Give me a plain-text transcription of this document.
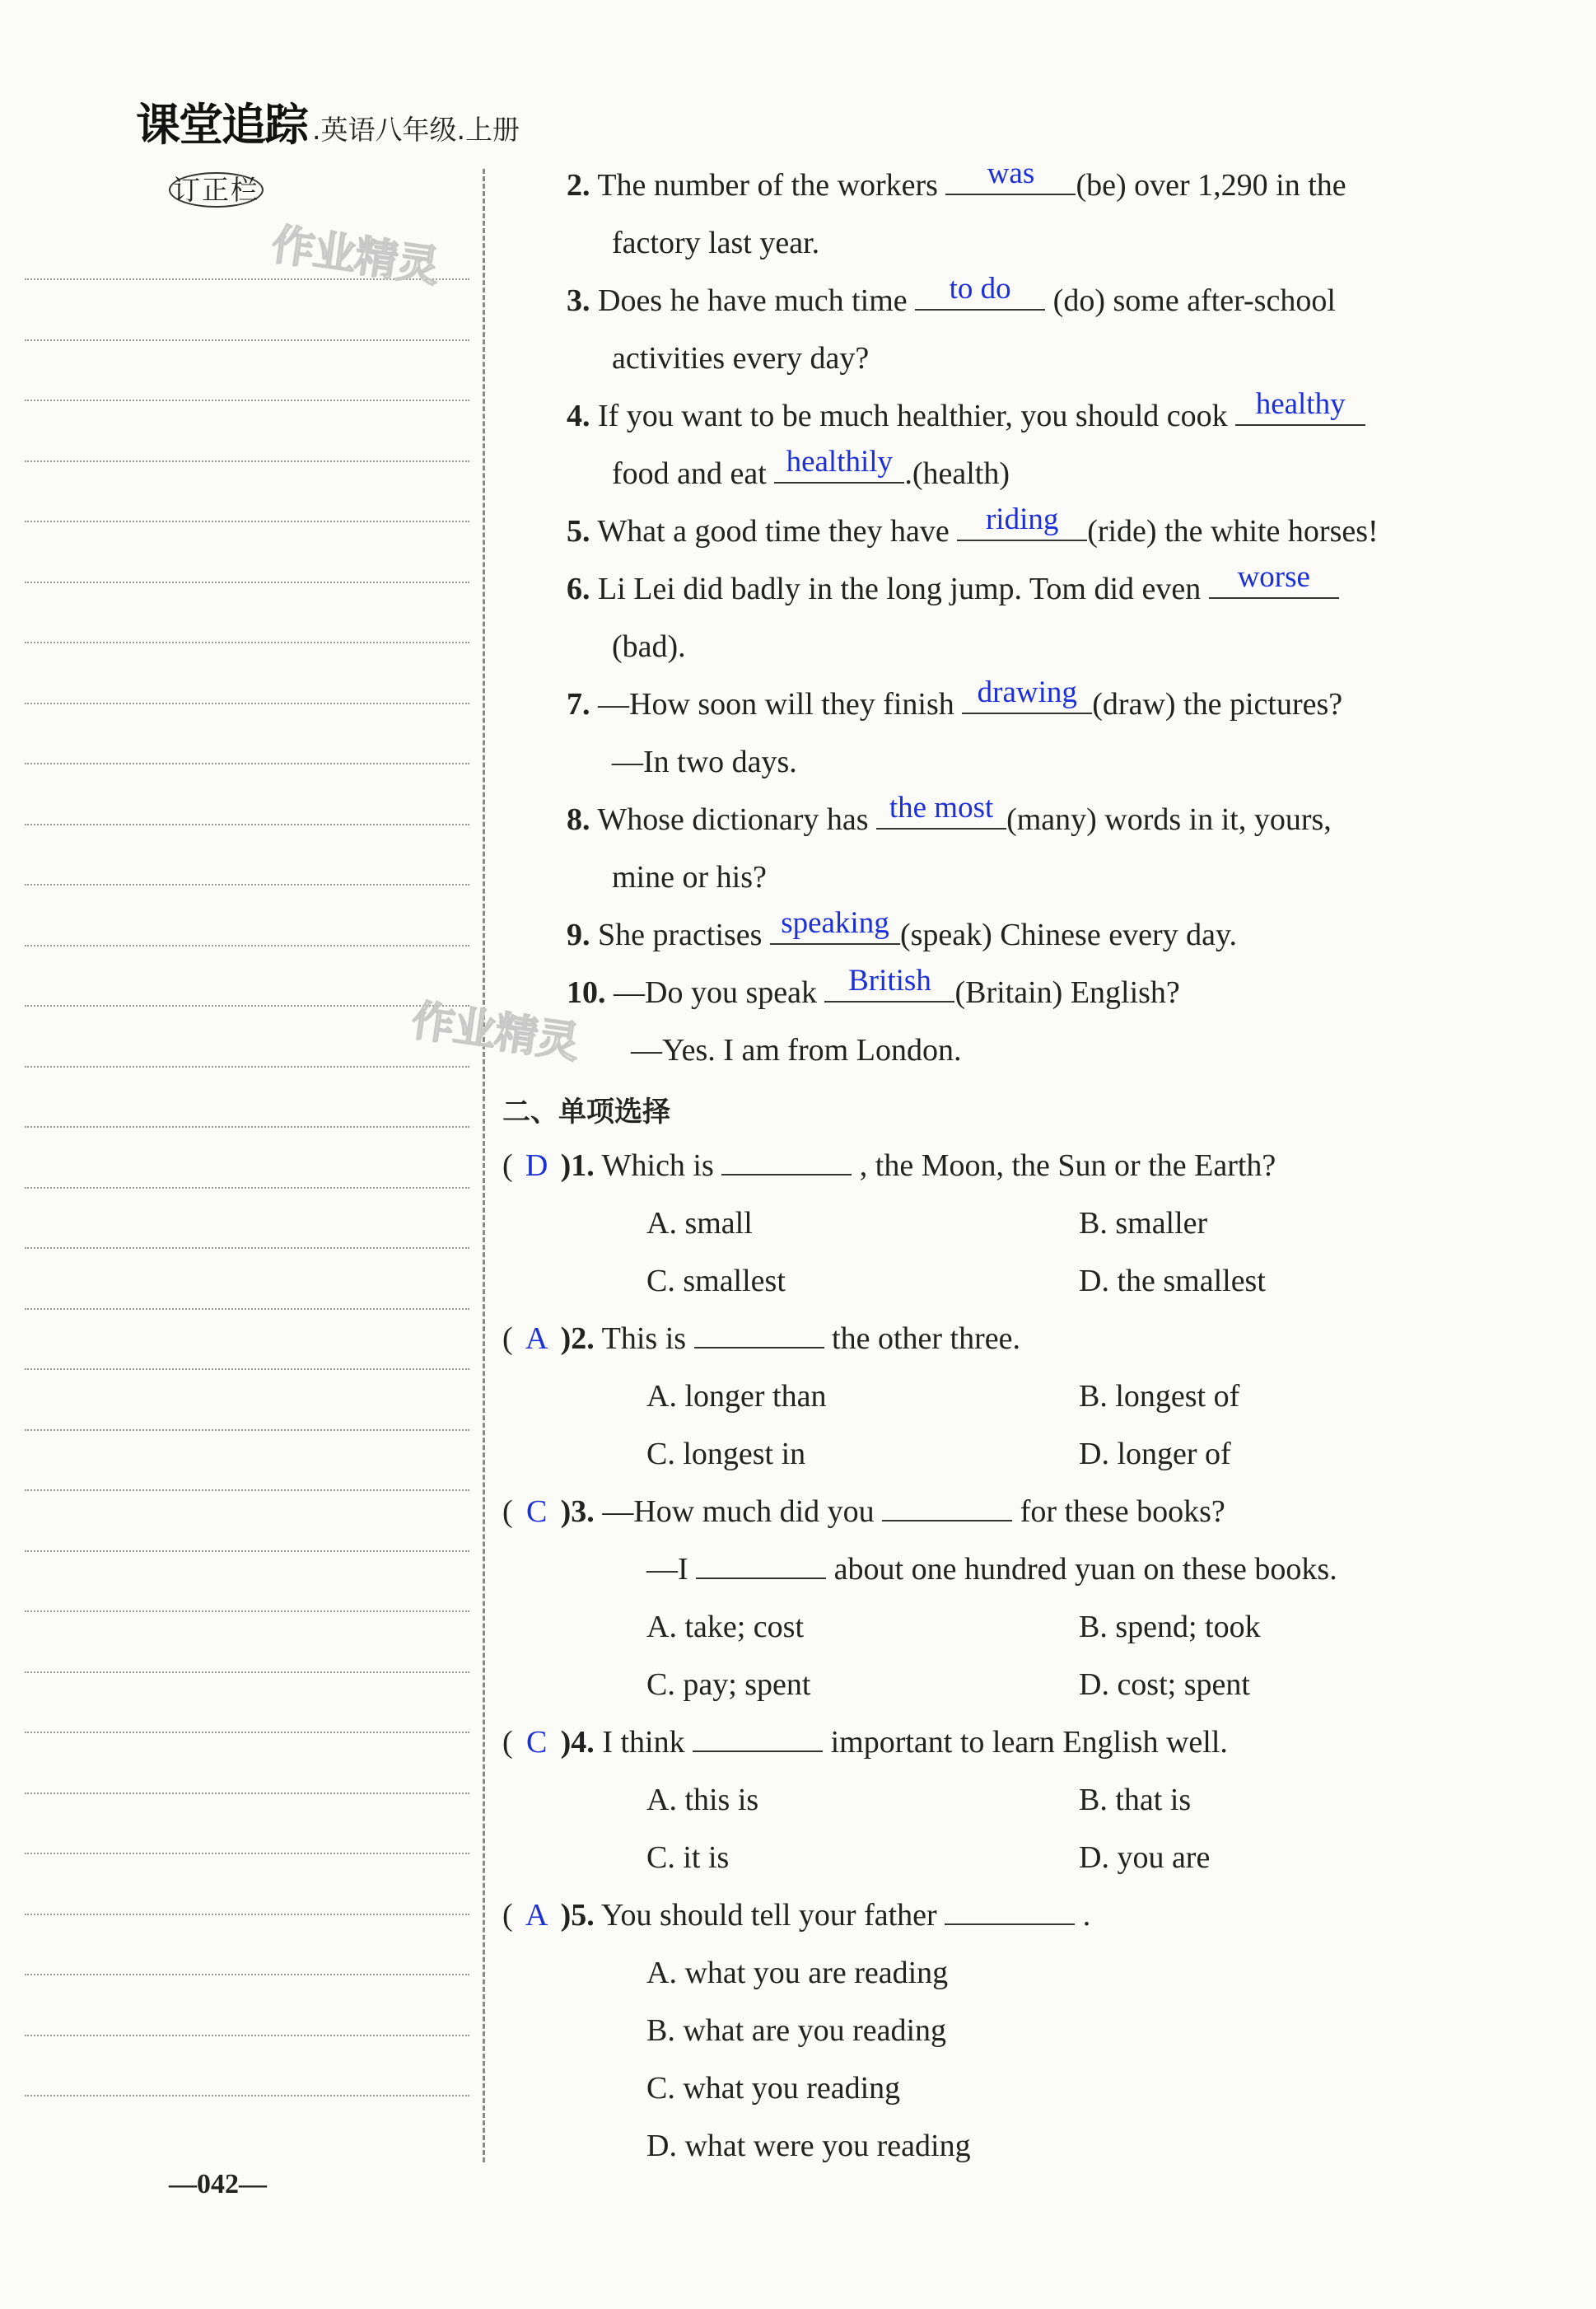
课堂追踪 .英语八年级.上册
订正栏
作业精灵
作业精灵
2. The number of the workers	was	(be) over 1,290 in the
factory last year.
3. Does he have much time	to do	(do) some after-school
activities every day?
4. If you want to be much healthier, you should cook healthy
food and eat healthily .(health)
5. What a good time they have	riding (ride) the white horses!
6. Li Lei did badly in the long jump. Tom did even	worse
(bad).
7. —How soon will they finish drawing (draw) the pictures?
—In two days.
8. Whose dictionary has the most (many) words in it, yours,
mine or his?
9. She practises speaking (speak) Chinese every day.
10. —Do you speak	British (Britain) English?
—Yes. I am from London.
二、单项选择
( D )1. Which is	, the Moon, the Sun or the Earth?
A. small	B. smaller
C. smallest	D. the smallest
( A )2. This is	the other three.
A. longer than	B. longest of
C. longest in	D. longer of
( C )3. —How much did you	for these books?
—I	about one hundred yuan on these books.
A. take; cost	B. spend; took
C. pay; spent	D. cost; spent
( C )4. I think	important to learn English well.
A. this is	B. that is
C. it is	D. you are
( A )5. You should tell your father	.
A. what you are reading
B. what are you reading
C. what you reading
D. what were you reading
—042—
